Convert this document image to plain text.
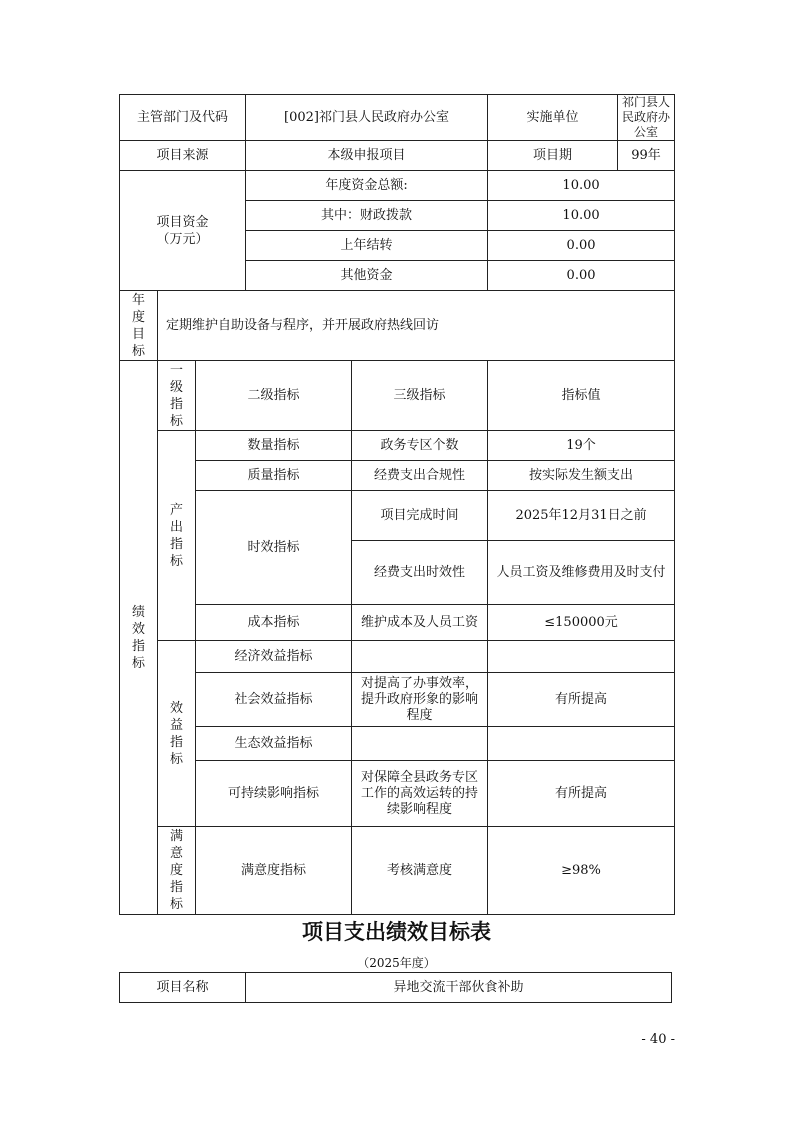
主管部门及代码			[002]祁门县人民政府办公室		实施单位	祁门县人民政府办公室
项目来源			本级申报项目		项目期	99年
项目资金（万元）			年度资金总额:		10.00	
			其中：财政拨款		10.00	
			上年结转		0.00	
			其他资金		0.00	
年度目标	定期维护自助设备与程序，并开展政府热线回访					
绩效指标	一级指标	二级指标		三级指标	指标值	
	产出指标	数量指标		政务专区个数	19个	
		质量指标		经费支出合规性	按实际发生额支出	
		时效指标		项目完成时间	2025年12月31日之前	
				经费支出时效性	人员工资及维修费用及时支付	
		成本指标		维护成本及人员工资	≤150000元	
	效益指标	经济效益指标				
		社会效益指标		对提高了办事效率，提升政府形象的影响程度	有所提高	
		生态效益指标				
		可持续影响指标		对保障全县政务专区工作的高效运转的持续影响程度	有所提高	
	满意度指标	满意度指标		考核满意度	≥98%	
项目支出绩效目标表
（2025年度）
项目名称	异地交流干部伙食补助
- 40 -
